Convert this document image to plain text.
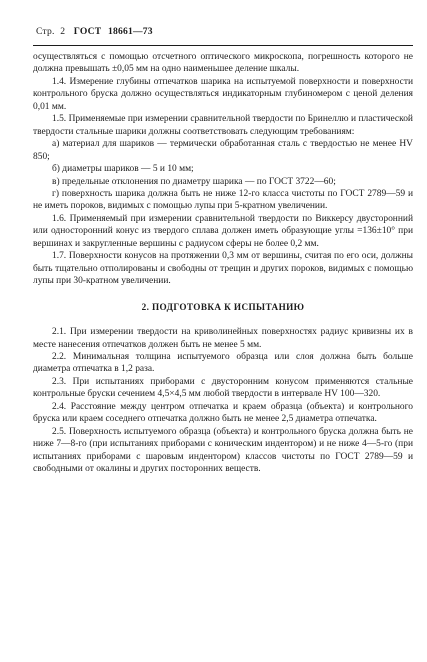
Стр. 2 ГОСТ 18661—73

осуществляться с помощью отсчетного оптического микроскопа, погрешность которого не должна превышать ±0,05 мм на одно наименьшее деление шкалы.

1.4. Измерение глубины отпечатков шарика на испытуемой поверхности и поверхности контрольного бруска должно осуществляться индикаторным глубиномером с ценой деления 0,01 мм.

1.5. Применяемые при измерении сравнительной твердости по Бринеллю и пластической твердости стальные шарики должны соответствовать следующим требованиям:

а) материал для шариков — термически обработанная сталь с твердостью не менее HV 850;

б) диаметры шариков — 5 и 10 мм;

в) предельные отклонения по диаметру шарика — по ГОСТ 3722—60;

г) поверхность шарика должна быть не ниже 12-го класса чистоты по ГОСТ 2789—59 и не иметь пороков, видимых с помощью лупы при 5-кратном увеличении.

1.6. Применяемый при измерении сравнительной твердости по Виккерсу двусторонний или односторонний конус из твердого сплава должен иметь образующие углы =136±10° при вершинах и закругленные вершины с радиусом сферы не более 0,2 мм.

1.7. Поверхности конусов на протяжении 0,3 мм от вершины, считая по его оси, должны быть тщательно отполированы и свободны от трещин и других пороков, видимых с помощью лупы при 30-кратном увеличении.

2. ПОДГОТОВКА К ИСПЫТАНИЮ

2.1. При измерении твердости на криволинейных поверхностях радиус кривизны их в месте нанесения отпечатков должен быть не менее 5 мм.

2.2. Минимальная толщина испытуемого образца или слоя должна быть больше диаметра отпечатка в 1,2 раза.

2.3. При испытаниях приборами с двусторонним конусом применяются стальные контрольные бруски сечением 4,5×4,5 мм любой твердости в интервале HV 100—320.

2.4. Расстояние между центром отпечатка и краем образца (объекта) и контрольного бруска или краем соседнего отпечатка должно быть не менее 2,5 диаметра отпечатка.

2.5. Поверхность испытуемого образца (объекта) и контрольного бруска должна быть не ниже 7—8-го (при испытаниях приборами с коническим индентором) и не ниже 4—5-го (при испытаниях приборами с шаровым индентором) классов чистоты по ГОСТ 2789—59 и свободными от окалины и других посторонних веществ.
